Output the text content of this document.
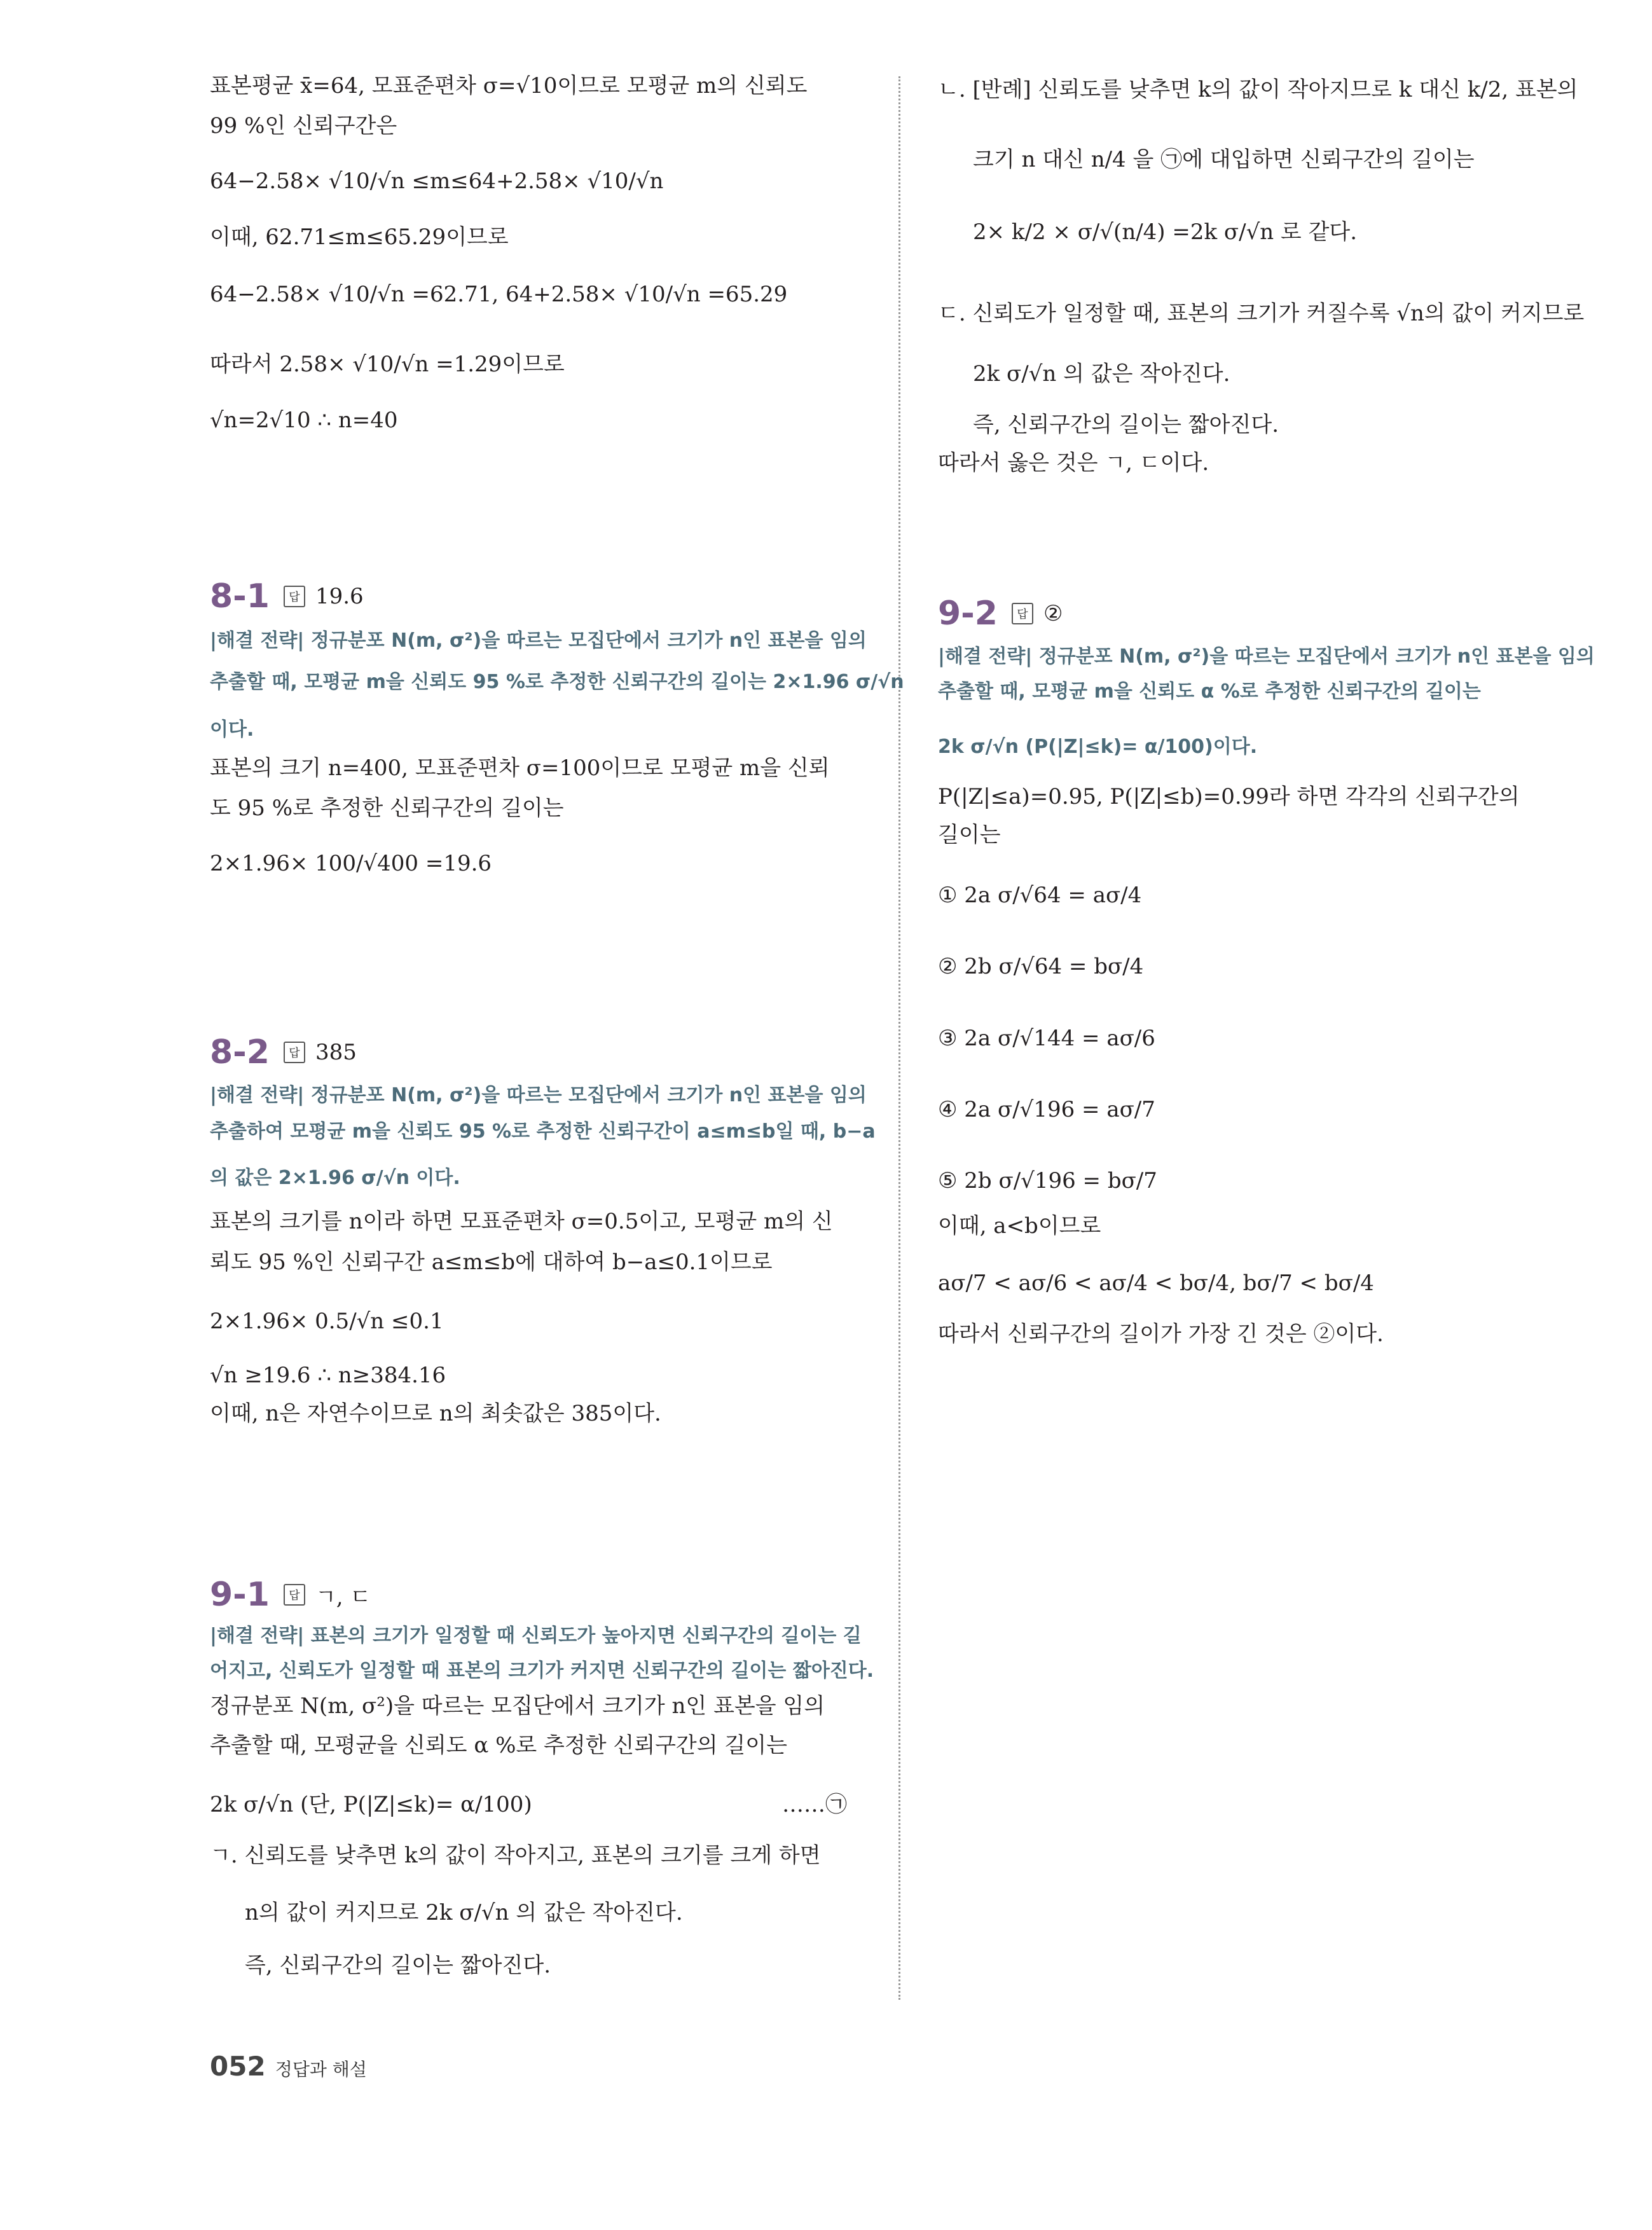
표본평균 x̄=64, 모표준편차 σ=√10이므로 모평균 m의 신뢰도
99 %인 신뢰구간은
64−2.58× √10/√n ≤m≤64+2.58× √10/√n
이때, 62.71≤m≤65.29이므로
64−2.58× √10/√n =62.71, 64+2.58× √10/√n =65.29
따라서 2.58× √10/√n =1.29이므로
√n=2√10 ∴ n=40
8-1	답 19.6
|해결 전략| 정규분포 N(m, σ²)을 따르는 모집단에서 크기가 n인 표본을 임의
추출할 때, 모평균 m을 신뢰도 95 %로 추정한 신뢰구간의 길이는 2×1.96 σ/√n
이다.
표본의 크기 n=400, 모표준편차 σ=100이므로 모평균 m을 신뢰
도 95 %로 추정한 신뢰구간의 길이는
2×1.96× 100/√400 =19.6
8-2	답 385
|해결 전략| 정규분포 N(m, σ²)을 따르는 모집단에서 크기가 n인 표본을 임의
추출하여 모평균 m을 신뢰도 95 %로 추정한 신뢰구간이 a≤m≤b일 때, b−a
의 값은 2×1.96 σ/√n 이다.
표본의 크기를 n이라 하면 모표준편차 σ=0.5이고, 모평균 m의 신
뢰도 95 %인 신뢰구간 a≤m≤b에 대하여 b−a≤0.1이므로
2×1.96× 0.5/√n ≤0.1
√n ≥19.6 ∴ n≥384.16
이때, n은 자연수이므로 n의 최솟값은 385이다.
9-1	답 ㄱ, ㄷ
|해결 전략| 표본의 크기가 일정할 때 신뢰도가 높아지면 신뢰구간의 길이는 길
어지고, 신뢰도가 일정할 때 표본의 크기가 커지면 신뢰구간의 길이는 짧아진다.
정규분포 N(m, σ²)을 따르는 모집단에서 크기가 n인 표본을 임의
추출할 때, 모평균을 신뢰도 α %로 추정한 신뢰구간의 길이는
2k σ/√n (단, P(|Z|≤k)= α/100)	……㉠
ㄱ. 신뢰도를 낮추면 k의 값이 작아지고, 표본의 크기를 크게 하면
n의 값이 커지므로 2k σ/√n 의 값은 작아진다.
즉, 신뢰구간의 길이는 짧아진다.
ㄴ. [반례] 신뢰도를 낮추면 k의 값이 작아지므로 k 대신 k/2, 표본의
크기 n 대신 n/4 을 ㉠에 대입하면 신뢰구간의 길이는
2× k/2 × σ/√(n/4) =2k σ/√n 로 같다.
ㄷ. 신뢰도가 일정할 때, 표본의 크기가 커질수록 √n의 값이 커지므로
2k σ/√n 의 값은 작아진다.
즉, 신뢰구간의 길이는 짧아진다.
따라서 옳은 것은 ㄱ, ㄷ이다.
9-2	답 ②
|해결 전략| 정규분포 N(m, σ²)을 따르는 모집단에서 크기가 n인 표본을 임의
추출할 때, 모평균 m을 신뢰도 α %로 추정한 신뢰구간의 길이는
2k σ/√n (P(|Z|≤k)= α/100)이다.
P(|Z|≤a)=0.95, P(|Z|≤b)=0.99라 하면 각각의 신뢰구간의
길이는
① 2a σ/√64 = aσ/4
② 2b σ/√64 = bσ/4
③ 2a σ/√144 = aσ/6
④ 2a σ/√196 = aσ/7
⑤ 2b σ/√196 = bσ/7
이때, a<b이므로
aσ/7 < aσ/6 < aσ/4 < bσ/4, bσ/7 < bσ/4
따라서 신뢰구간의 길이가 가장 긴 것은 ②이다.
052 정답과 해설
